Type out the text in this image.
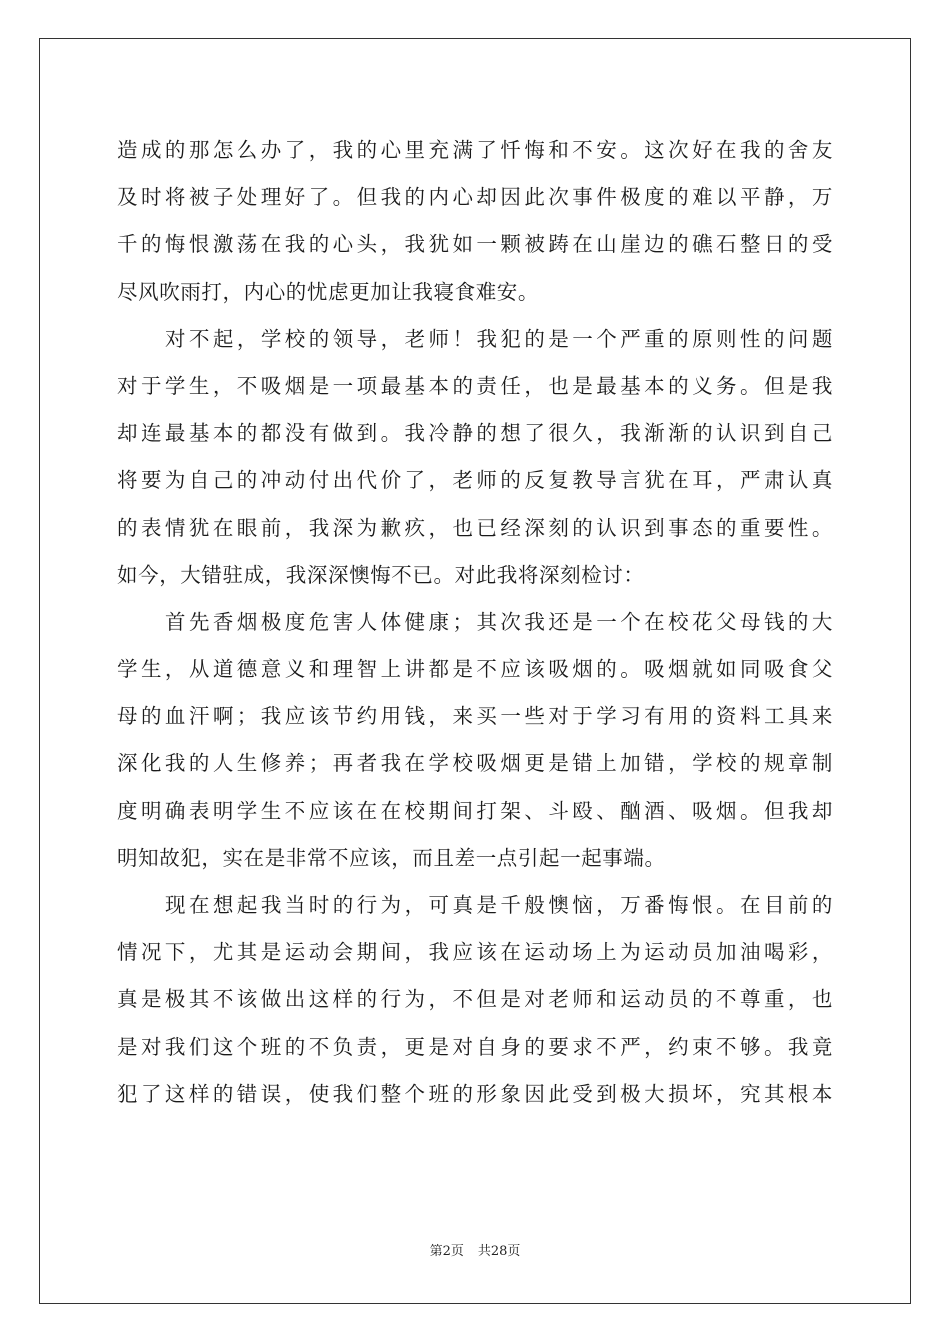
造成的那怎么办了，我的心里充满了忏悔和不安。这次好在我的舍友
及时将被子处理好了。但我的内心却因此次事件极度的难以平静，万
千的悔恨激荡在我的心头，我犹如一颗被踌在山崖边的礁石整日的受
尽风吹雨打，内心的忧虑更加让我寝食难安。
对不起，学校的领导，老师！我犯的是一个严重的原则性的问题
对于学生，不吸烟是一项最基本的责任，也是最基本的义务。但是我
却连最基本的都没有做到。我冷静的想了很久，我渐渐的认识到自己
将要为自己的冲动付出代价了，老师的反复教导言犹在耳，严肃认真
的表情犹在眼前，我深为歉疚，也已经深刻的认识到事态的重要性。
如今，大错驻成，我深深懊悔不已。对此我将深刻检讨：
首先香烟极度危害人体健康；其次我还是一个在校花父母钱的大
学生，从道德意义和理智上讲都是不应该吸烟的。吸烟就如同吸食父
母的血汗啊；我应该节约用钱，来买一些对于学习有用的资料工具来
深化我的人生修养；再者我在学校吸烟更是错上加错，学校的规章制
度明确表明学生不应该在在校期间打架、斗殴、酗酒、吸烟。但我却
明知故犯，实在是非常不应该，而且差一点引起一起事端。
现在想起我当时的行为，可真是千般懊恼，万番悔恨。在目前的
情况下，尤其是运动会期间，我应该在运动场上为运动员加油喝彩，
真是极其不该做出这样的行为，不但是对老师和运动员的不尊重，也
是对我们这个班的不负责，更是对自身的要求不严，约束不够。我竟
犯了这样的错误，使我们整个班的形象因此受到极大损坏，究其根本
第2页 共28页
